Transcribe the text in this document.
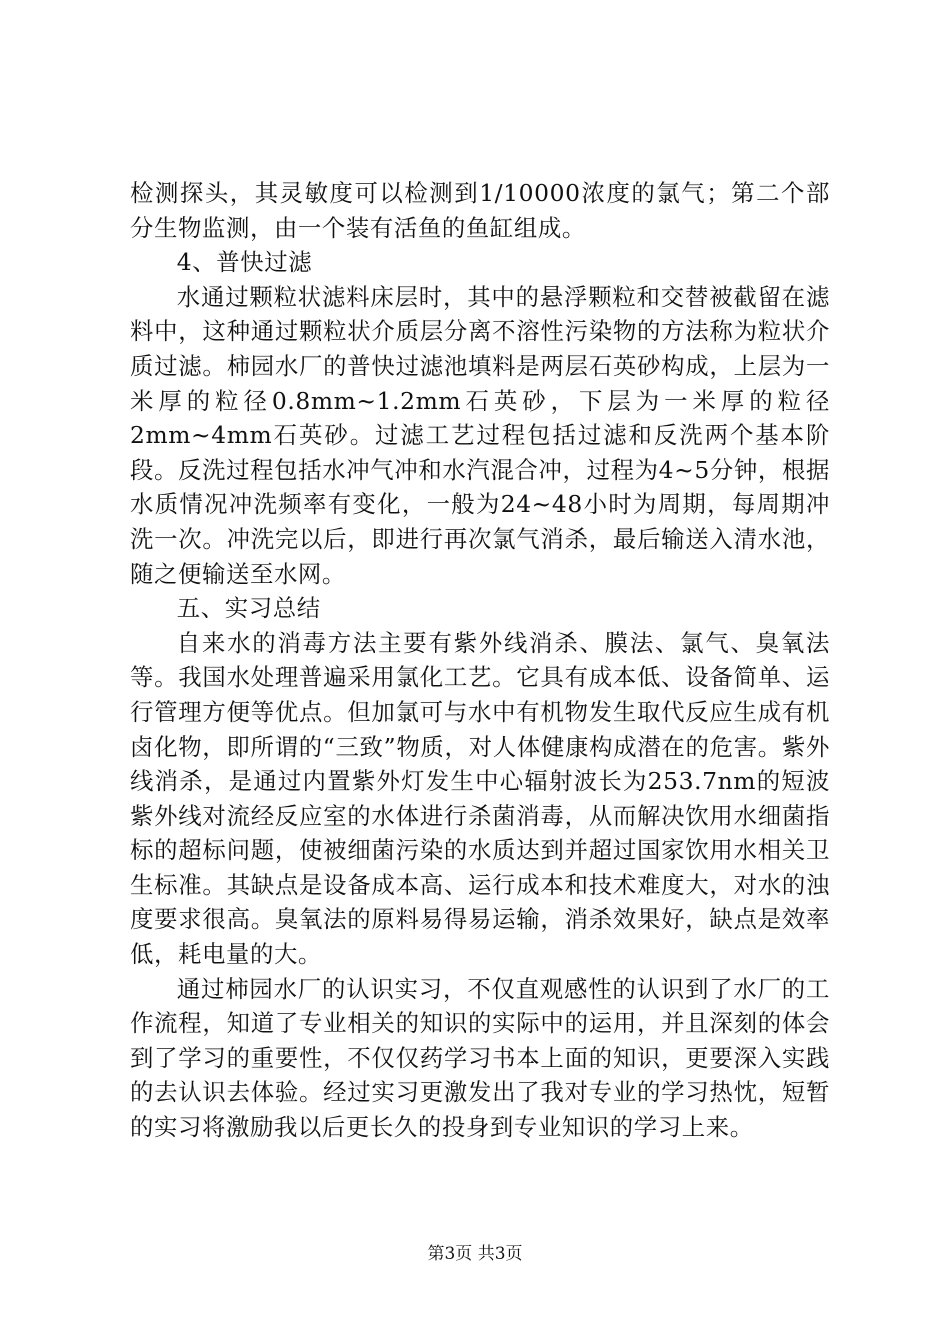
检测探头，其灵敏度可以检测到1/10000浓度的氯气；第二个部分生物监测，由一个装有活鱼的鱼缸组成。

4、普快过滤

水通过颗粒状滤料床层时，其中的悬浮颗粒和交替被截留在滤料中，这种通过颗粒状介质层分离不溶性污染物的方法称为粒状介质过滤。柿园水厂的普快过滤池填料是两层石英砂构成，上层为一米厚的粒径0.8mm~1.2mm石英砂，下层为一米厚的粒径2mm~4mm石英砂。过滤工艺过程包括过滤和反洗两个基本阶段。反洗过程包括水冲气冲和水汽混合冲，过程为4~5分钟，根据水质情况冲洗频率有变化，一般为24~48小时为周期，每周期冲洗一次。冲洗完以后，即进行再次氯气消杀，最后输送入清水池，随之便输送至水网。

五、实习总结

自来水的消毒方法主要有紫外线消杀、膜法、氯气、臭氧法等。我国水处理普遍采用氯化工艺。它具有成本低、设备简单、运行管理方便等优点。但加氯可与水中有机物发生取代反应生成有机卤化物，即所谓的“三致”物质，对人体健康构成潜在的危害。紫外线消杀，是通过内置紫外灯发生中心辐射波长为253.7nm的短波紫外线对流经反应室的水体进行杀菌消毒，从而解决饮用水细菌指标的超标问题，使被细菌污染的水质达到并超过国家饮用水相关卫生标准。其缺点是设备成本高、运行成本和技术难度大，对水的浊度要求很高。臭氧法的原料易得易运输，消杀效果好，缺点是效率低，耗电量的大。

通过柿园水厂的认识实习，不仅直观感性的认识到了水厂的工作流程，知道了专业相关的知识的实际中的运用，并且深刻的体会到了学习的重要性，不仅仅药学习书本上面的知识，更要深入实践的去认识去体验。经过实习更激发出了我对专业的学习热忱，短暂的实习将激励我以后更长久的投身到专业知识的学习上来。

第3页 共3页
